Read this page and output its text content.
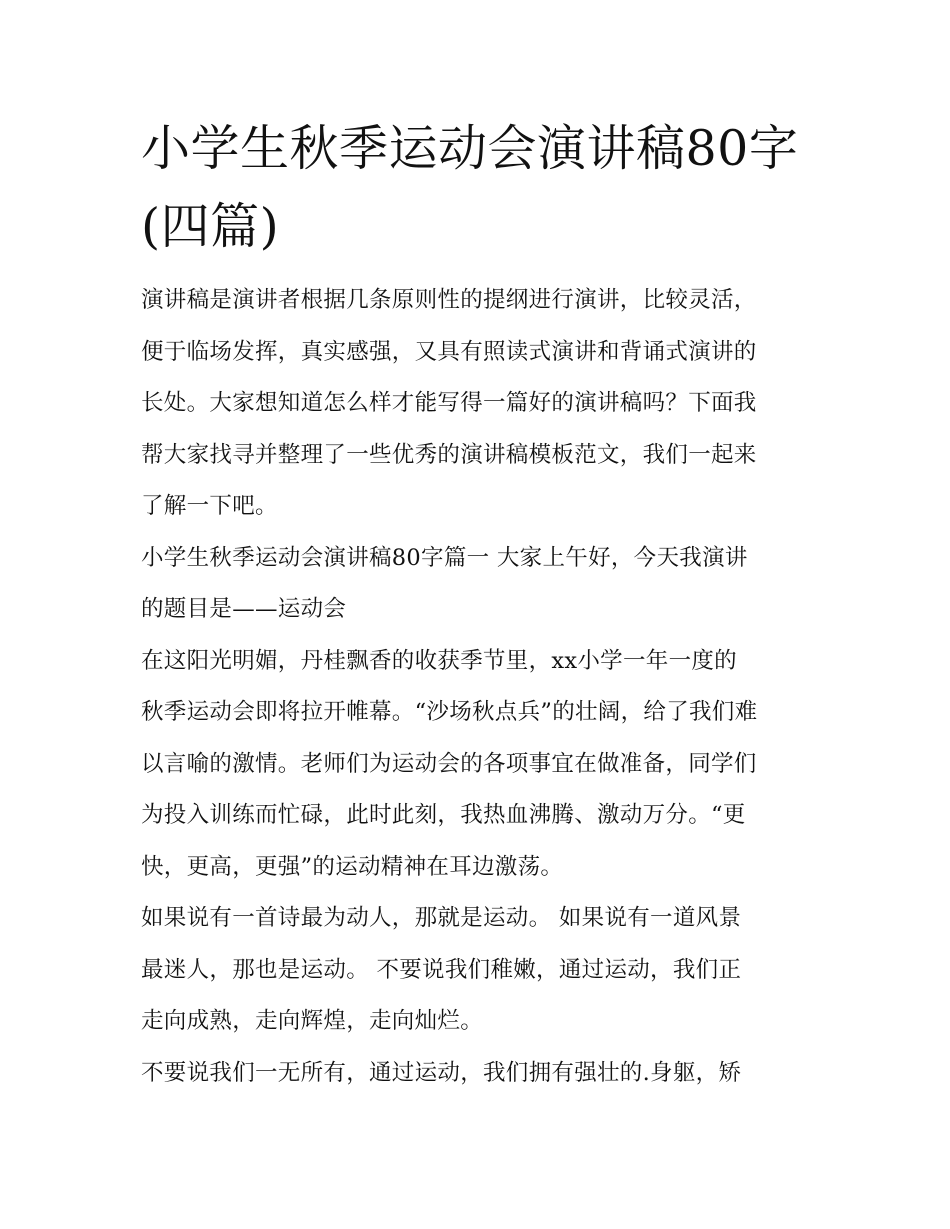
小学生秋季运动会演讲稿80字
(四篇)

演讲稿是演讲者根据几条原则性的提纲进行演讲，比较灵活，
便于临场发挥，真实感强，又具有照读式演讲和背诵式演讲的
长处。大家想知道怎么样才能写得一篇好的演讲稿吗？下面我
帮大家找寻并整理了一些优秀的演讲稿模板范文，我们一起来
了解一下吧。

小学生秋季运动会演讲稿80字篇一 大家上午好，今天我演讲
的题目是——运动会

在这阳光明媚，丹桂飘香的收获季节里，xx小学一年一度的
秋季运动会即将拉开帷幕。“沙场秋点兵”的壮阔，给了我们难
以言喻的激情。老师们为运动会的各项事宜在做准备，同学们
为投入训练而忙碌，此时此刻，我热血沸腾、激动万分。“更
快，更高，更强”的运动精神在耳边激荡。

如果说有一首诗最为动人，那就是运动。 如果说有一道风景
最迷人，那也是运动。 不要说我们稚嫩，通过运动，我们正
走向成熟，走向辉煌，走向灿烂。

不要说我们一无所有，通过运动，我们拥有强壮的.身躯，矫
